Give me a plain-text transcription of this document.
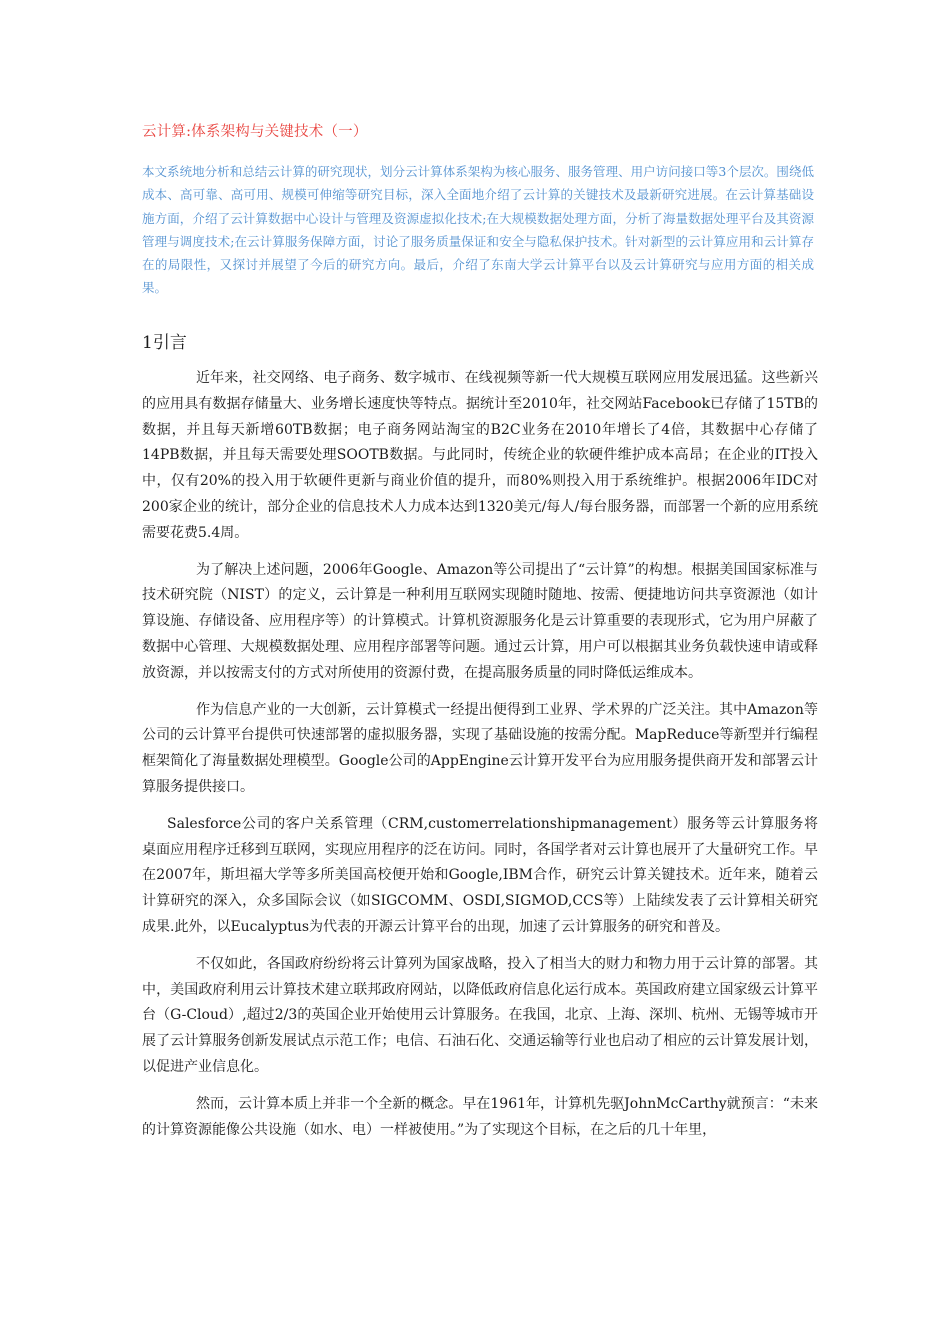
云计算:体系架构与关键技术（一）
本文系统地分析和总结云计算的研究现状，划分云计算体系架构为核心服务、服务管理、用户访问接口等3个层次。围绕低成本、高可靠、高可用、规模可伸缩等研究目标，深入全面地介绍了云计算的关键技术及最新研究进展。在云计算基础设施方面，介绍了云计算数据中心设计与管理及资源虚拟化技术;在大规模数据处理方面，分析了海量数据处理平台及其资源管理与调度技术;在云计算服务保障方面，讨论了服务质量保证和安全与隐私保护技术。针对新型的云计算应用和云计算存在的局限性，又探讨并展望了今后的研究方向。最后，介绍了东南大学云计算平台以及云计算研究与应用方面的相关成果。
1引言

近年来，社交网络、电子商务、数字城市、在线视频等新一代大规模互联网应用发展迅猛。这些新兴的应用具有数据存储量大、业务增长速度快等特点。据统计至2010年，社交网站Facebook已存储了15TB的数据，并且每天新增60TB数据；电子商务网站淘宝的B2C业务在2010年增长了4倍，其数据中心存储了14PB数据，并且每天需要处理SOOTB数据。与此同时，传统企业的软硬件维护成本高昂；在企业的IT投入中，仅有20%的投入用于软硬件更新与商业价值的提升，而80%则投入用于系统维护。根据2006年IDC对200家企业的统计，部分企业的信息技术人力成本达到1320美元/每人/每台服务器，而部署一个新的应用系统需要花费5.4周。

为了解决上述问题，2006年Google、Amazon等公司提出了“云计算”的构想。根据美国国家标准与技术研究院（NIST）的定义，云计算是一种利用互联网实现随时随地、按需、便捷地访问共享资源池（如计算设施、存储设备、应用程序等）的计算模式。计算机资源服务化是云计算重要的表现形式，它为用户屏蔽了数据中心管理、大规模数据处理、应用程序部署等问题。通过云计算，用户可以根据其业务负载快速申请或释放资源，并以按需支付的方式对所使用的资源付费，在提高服务质量的同时降低运维成本。

作为信息产业的一大创新，云计算模式一经提出便得到工业界、学术界的广泛关注。其中Amazon等公司的云计算平台提供可快速部署的虚拟服务器，实现了基础设施的按需分配。MapReduce等新型并行编程框架简化了海量数据处理模型。Google公司的AppEngine云计算开发平台为应用服务提供商开发和部署云计算服务提供接口。

Salesforce公司的客户关系管理（CRM,customerrelationshipmanagement）服务等云计算服务将桌面应用程序迁移到互联网，实现应用程序的泛在访问。同时，各国学者对云计算也展开了大量研究工作。早在2007年，斯坦福大学等多所美国高校便开始和Google,IBM合作，研究云计算关键技术。近年来，随着云计算研究的深入，众多国际会议（如SIGCOMM、OSDI,SIGMOD,CCS等）上陆续发表了云计算相关研究成果.此外，以Eucalyptus为代表的开源云计算平台的出现，加速了云计算服务的研究和普及。

不仅如此，各国政府纷纷将云计算列为国家战略，投入了相当大的财力和物力用于云计算的部署。其中，美国政府利用云计算技术建立联邦政府网站，以降低政府信息化运行成本。英国政府建立国家级云计算平台（G-Cloud）,超过2/3的英国企业开始使用云计算服务。在我国，北京、上海、深圳、杭州、无锡等城市开展了云计算服务创新发展试点示范工作；电信、石油石化、交通运输等行业也启动了相应的云计算发展计划，以促进产业信息化。

然而，云计算本质上并非一个全新的概念。早在1961年，计算机先驱JohnMcCarthy就预言：“未来的计算资源能像公共设施（如水、电）一样被使用。”为了实现这个目标，在之后的几十年里，
